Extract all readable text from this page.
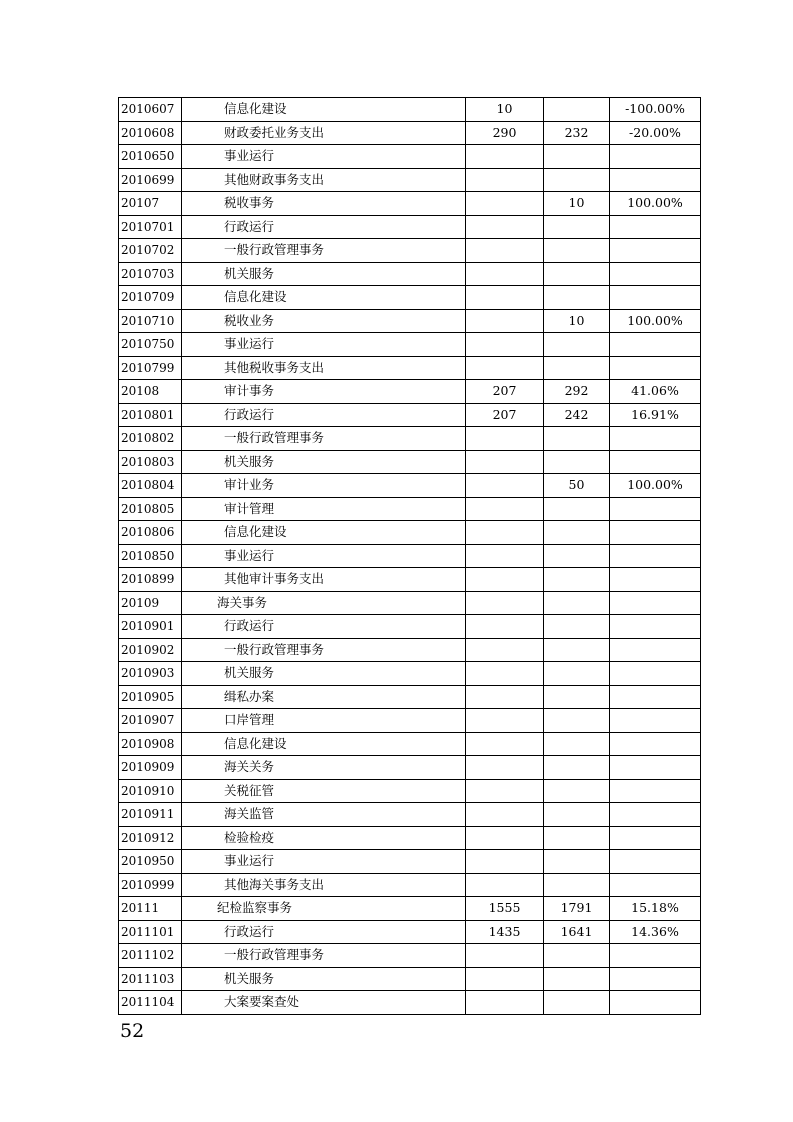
2010607	信息化建设	10		-100.00%
2010608	财政委托业务支出	290	232	-20.00%
2010650	事业运行			
2010699	其他财政事务支出			
20107	税收事务		10	100.00%
2010701	行政运行			
2010702	一般行政管理事务			
2010703	机关服务			
2010709	信息化建设			
2010710	税收业务		10	100.00%
2010750	事业运行			
2010799	其他税收事务支出			
20108	审计事务	207	292	41.06%
2010801	行政运行	207	242	16.91%
2010802	一般行政管理事务			
2010803	机关服务			
2010804	审计业务		50	100.00%
2010805	审计管理			
2010806	信息化建设			
2010850	事业运行			
2010899	其他审计事务支出			
20109	海关事务			
2010901	行政运行			
2010902	一般行政管理事务			
2010903	机关服务			
2010905	缉私办案			
2010907	口岸管理			
2010908	信息化建设			
2010909	海关关务			
2010910	关税征管			
2010911	海关监管			
2010912	检验检疫			
2010950	事业运行			
2010999	其他海关事务支出			
20111	纪检监察事务	1555	1791	15.18%
2011101	行政运行	1435	1641	14.36%
2011102	一般行政管理事务			
2011103	机关服务			
2011104	大案要案查处			
52
